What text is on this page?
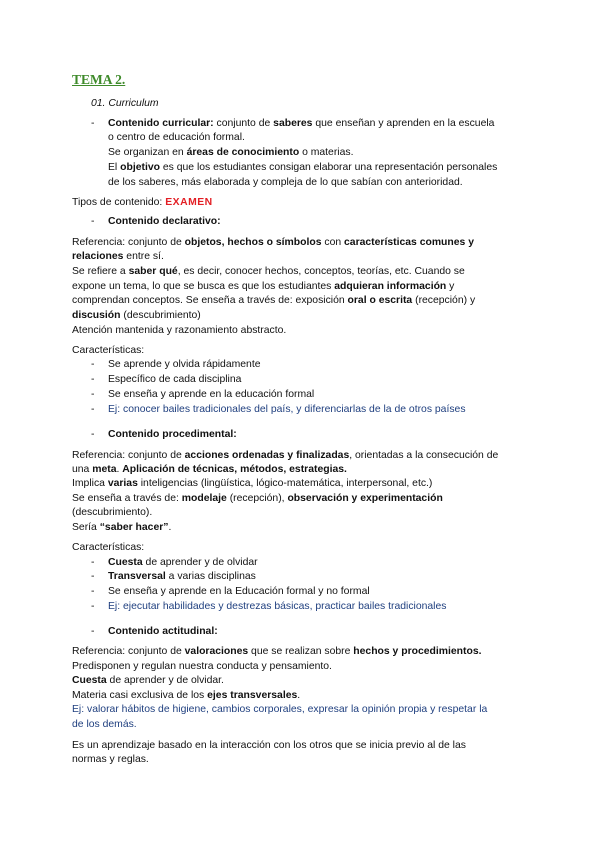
TEMA 2.
01. Curriculum
-	Contenido curricular: conjunto de saberes que enseñan y aprenden en la escuela
o centro de educación formal.
Se organizan en áreas de conocimiento o materias.
El objetivo es que los estudiantes consigan elaborar una representación personales
de los saberes, más elaborada y compleja de lo que sabían con anterioridad.
Tipos de contenido: EXAMEN
-	Contenido declarativo:
Referencia: conjunto de objetos, hechos o símbolos con características comunes y
relaciones entre sí.
Se refiere a saber qué, es decir, conocer hechos, conceptos, teorías, etc. Cuando se
expone un tema, lo que se busca es que los estudiantes adquieran información y
comprendan conceptos. Se enseña a través de: exposición oral o escrita (recepción) y
discusión (descubrimiento)
Atención mantenida y razonamiento abstracto.
Características:
-	Se aprende y olvida rápidamente
-	Específico de cada disciplina
-	Se enseña y aprende en la educación formal
-	Ej: conocer bailes tradicionales del país, y diferenciarlas de la de otros países
-	Contenido procedimental:
Referencia: conjunto de acciones ordenadas y finalizadas, orientadas a la consecución de
una meta. Aplicación de técnicas, métodos, estrategias.
Implica varias inteligencias (lingüística, lógico-matemática, interpersonal, etc.)
Se enseña a través de: modelaje (recepción), observación y experimentación
(descubrimiento).
Sería “saber hacer”.
Características:
-	Cuesta de aprender y de olvidar
-	Transversal a varias disciplinas
-	Se enseña y aprende en la Educación formal y no formal
-	Ej: ejecutar habilidades y destrezas básicas, practicar bailes tradicionales
-	Contenido actitudinal:
Referencia: conjunto de valoraciones que se realizan sobre hechos y procedimientos.
Predisponen y regulan nuestra conducta y pensamiento.
Cuesta de aprender y de olvidar.
Materia casi exclusiva de los ejes transversales.
Ej: valorar hábitos de higiene, cambios corporales, expresar la opinión propia y respetar la
de los demás.
Es un aprendizaje basado en la interacción con los otros que se inicia previo al de las
normas y reglas.
